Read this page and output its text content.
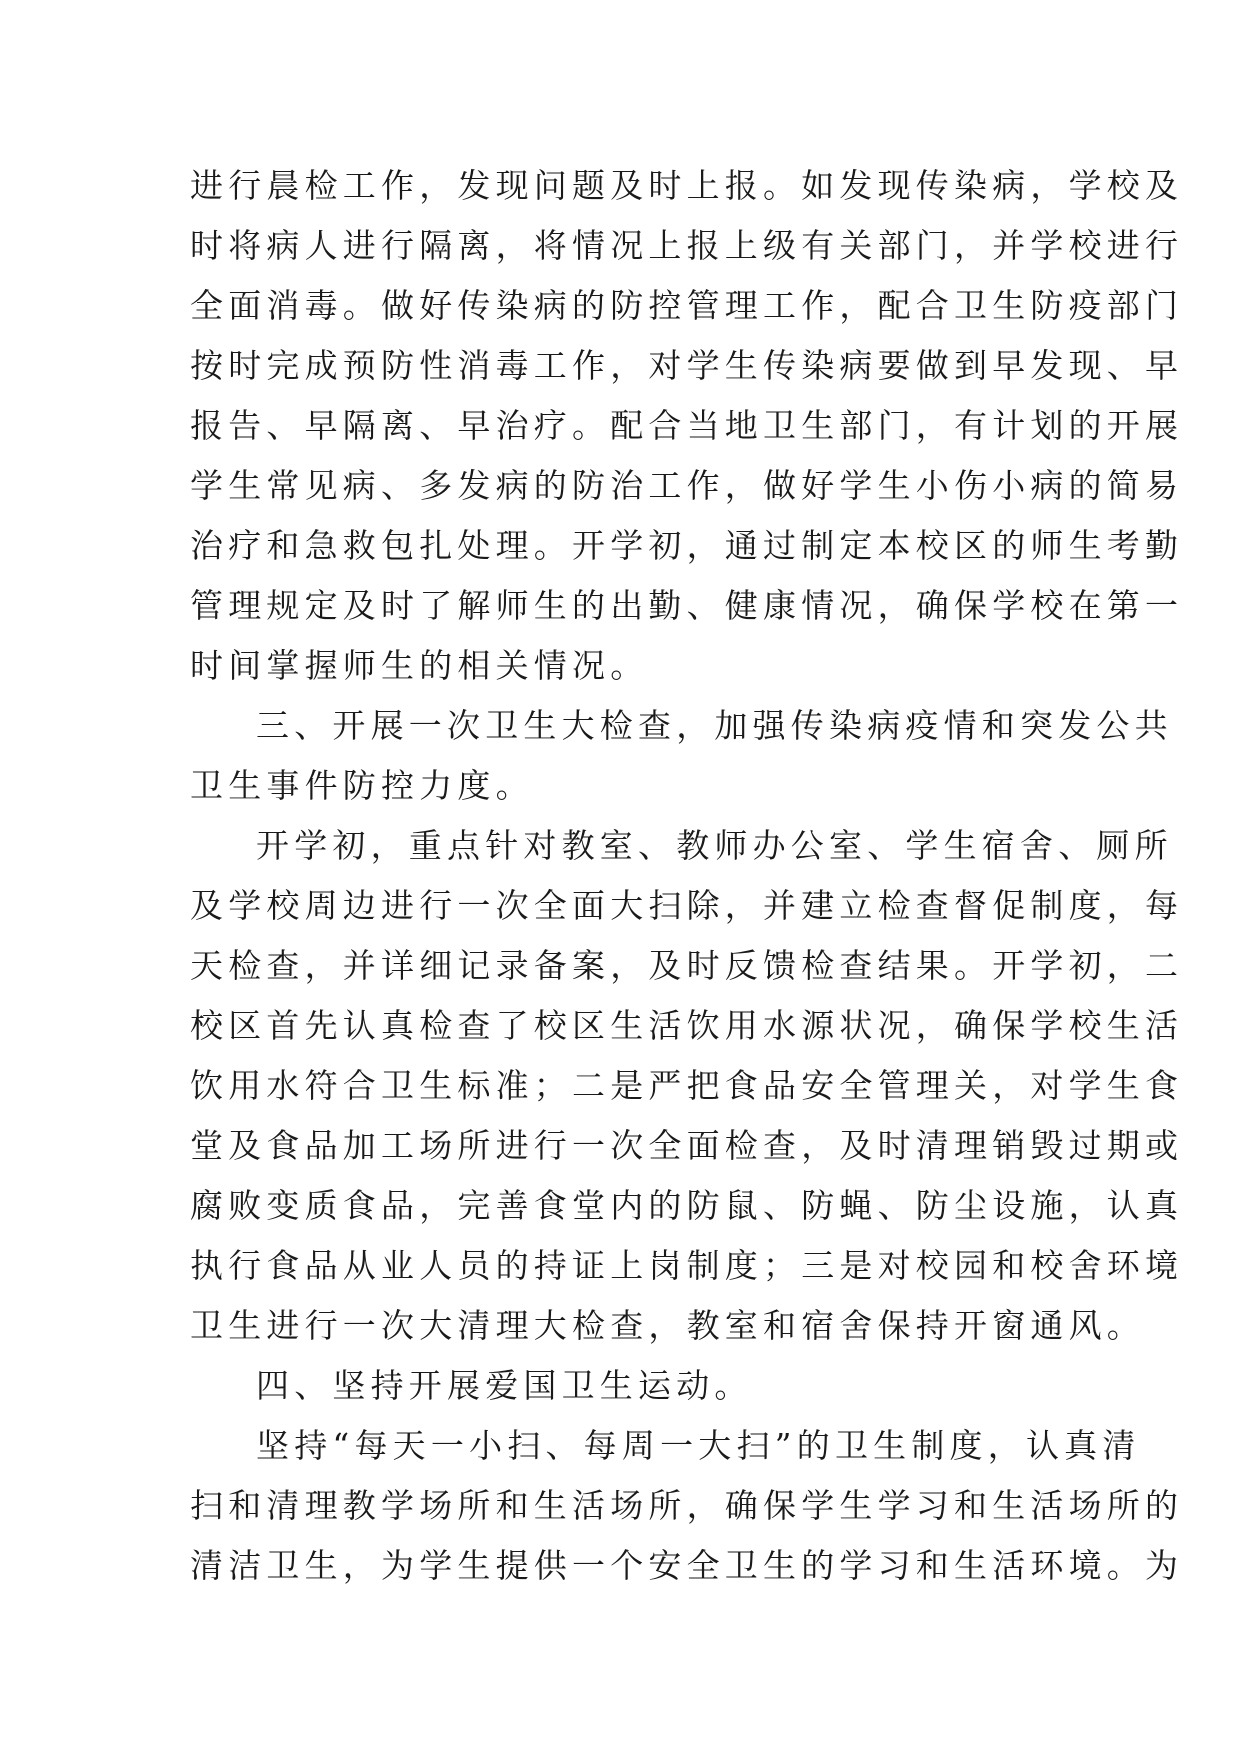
进行晨检工作，发现问题及时上报。如发现传染病，学校及
时将病人进行隔离，将情况上报上级有关部门，并学校进行
全面消毒。做好传染病的防控管理工作，配合卫生防疫部门
按时完成预防性消毒工作，对学生传染病要做到早发现、早
报告、早隔离、早治疗。配合当地卫生部门，有计划的开展
学生常见病、多发病的防治工作，做好学生小伤小病的简易
治疗和急救包扎处理。开学初，通过制定本校区的师生考勤
管理规定及时了解师生的出勤、健康情况，确保学校在第一
时间掌握师生的相关情况。
三、开展一次卫生大检查，加强传染病疫情和突发公共
卫生事件防控力度。
开学初，重点针对教室、教师办公室、学生宿舍、厕所
及学校周边进行一次全面大扫除，并建立检查督促制度，每
天检查，并详细记录备案，及时反馈检查结果。开学初，二
校区首先认真检查了校区生活饮用水源状况，确保学校生活
饮用水符合卫生标准；二是严把食品安全管理关，对学生食
堂及食品加工场所进行一次全面检查，及时清理销毁过期或
腐败变质食品，完善食堂内的防鼠、防蝇、防尘设施，认真
执行食品从业人员的持证上岗制度；三是对校园和校舍环境
卫生进行一次大清理大检查，教室和宿舍保持开窗通风。
四、坚持开展爱国卫生运动。
坚持“每天一小扫、每周一大扫”的卫生制度，认真清
扫和清理教学场所和生活场所，确保学生学习和生活场所的
清洁卫生，为学生提供一个安全卫生的学习和生活环境。为
